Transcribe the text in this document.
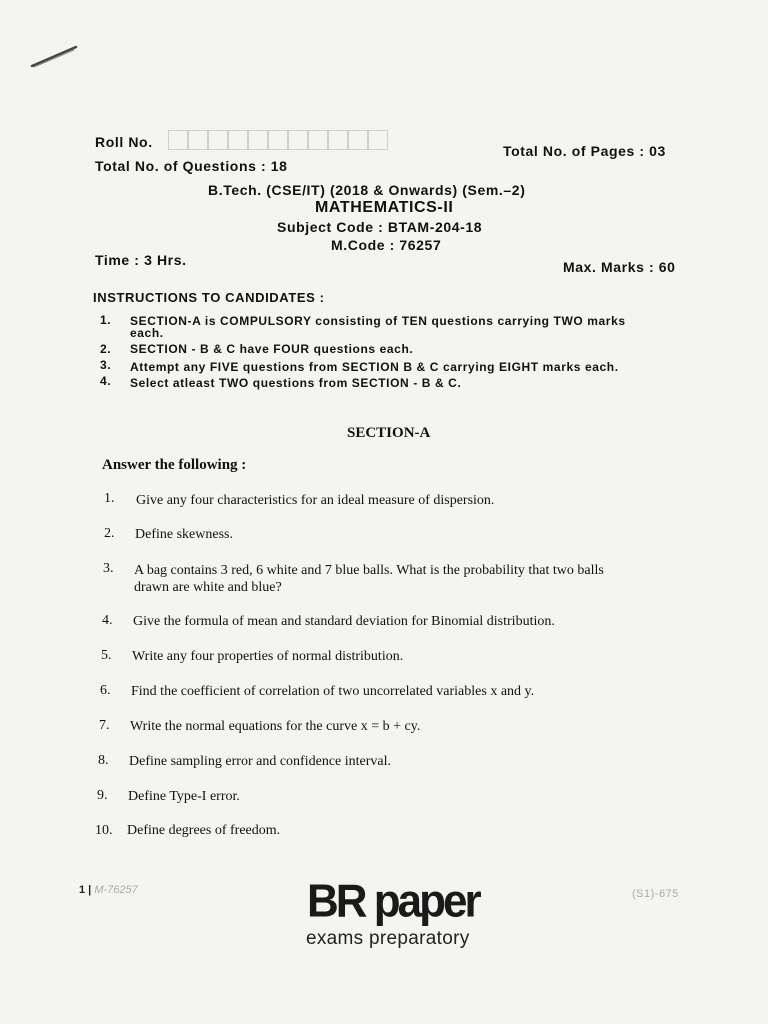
Roll No.
Total No. of Pages : 03
Total No. of Questions : 18
B.Tech. (CSE/IT) (2018 & Onwards) (Sem.–2)
MATHEMATICS-II
Subject Code : BTAM-204-18
M.Code : 76257
Time : 3 Hrs.	Max. Marks : 60
INSTRUCTIONS TO CANDIDATES :
1. SECTION-A is COMPULSORY consisting of TEN questions carrying TWO marks
each.
2. SECTION - B & C have FOUR questions each.
3. Attempt any FIVE questions from SECTION B & C carrying EIGHT marks each.
4. Select atleast TWO questions from SECTION - B & C.
SECTION-A
Answer the following :
1. Give any four characteristics for an ideal measure of dispersion.
2. Define skewness.
3. A bag contains 3 red, 6 white and 7 blue balls. What is the probability that two balls
drawn are white and blue?
4. Give the formula of mean and standard deviation for Binomial distribution.
5. Write any four properties of normal distribution.
6. Find the coefficient of correlation of two uncorrelated variables x and y.
7. Write the normal equations for the curve x = b + cy.
8. Define sampling error and confidence interval.
9. Define Type-I error.
10. Define degrees of freedom.
1 | M-76257	BR paper
exams preparatory
(S1)-675
